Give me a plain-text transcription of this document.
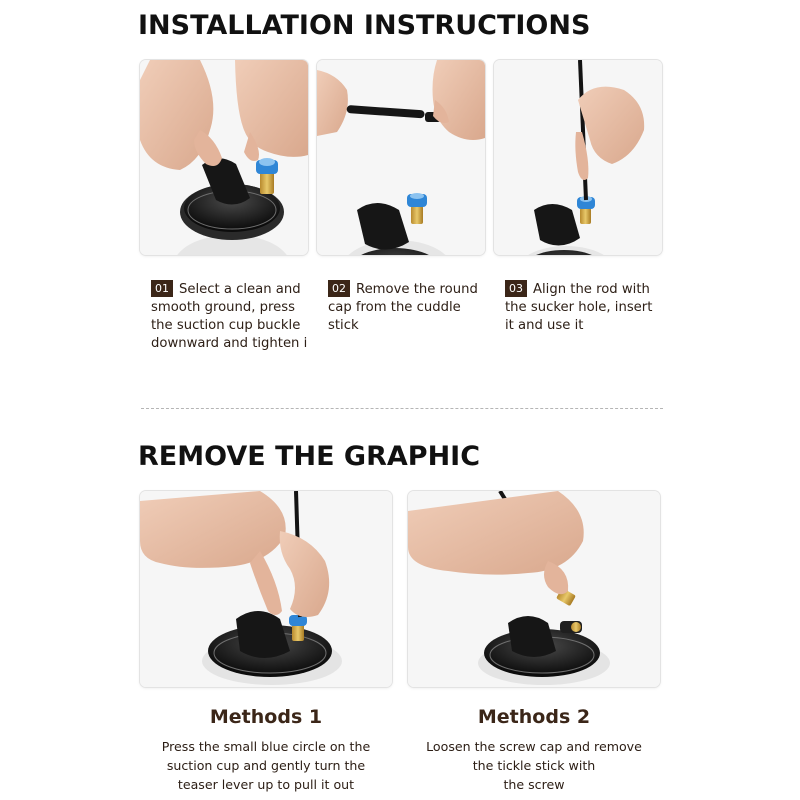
INSTALLATION INSTRUCTIONS
01 Select a clean and
smooth ground, press
the suction cup buckle
downward and tighten i
02 Remove the round
cap from the cuddle
stick
03 Align the rod with
the sucker hole, insert
it and use it
REMOVE THE GRAPHIC
Methods 1
Press the small blue circle on the
suction cup and gently turn the
teaser lever up to pull it out
Methods 2
Loosen the screw cap and remove
the tickle stick with
the screw
